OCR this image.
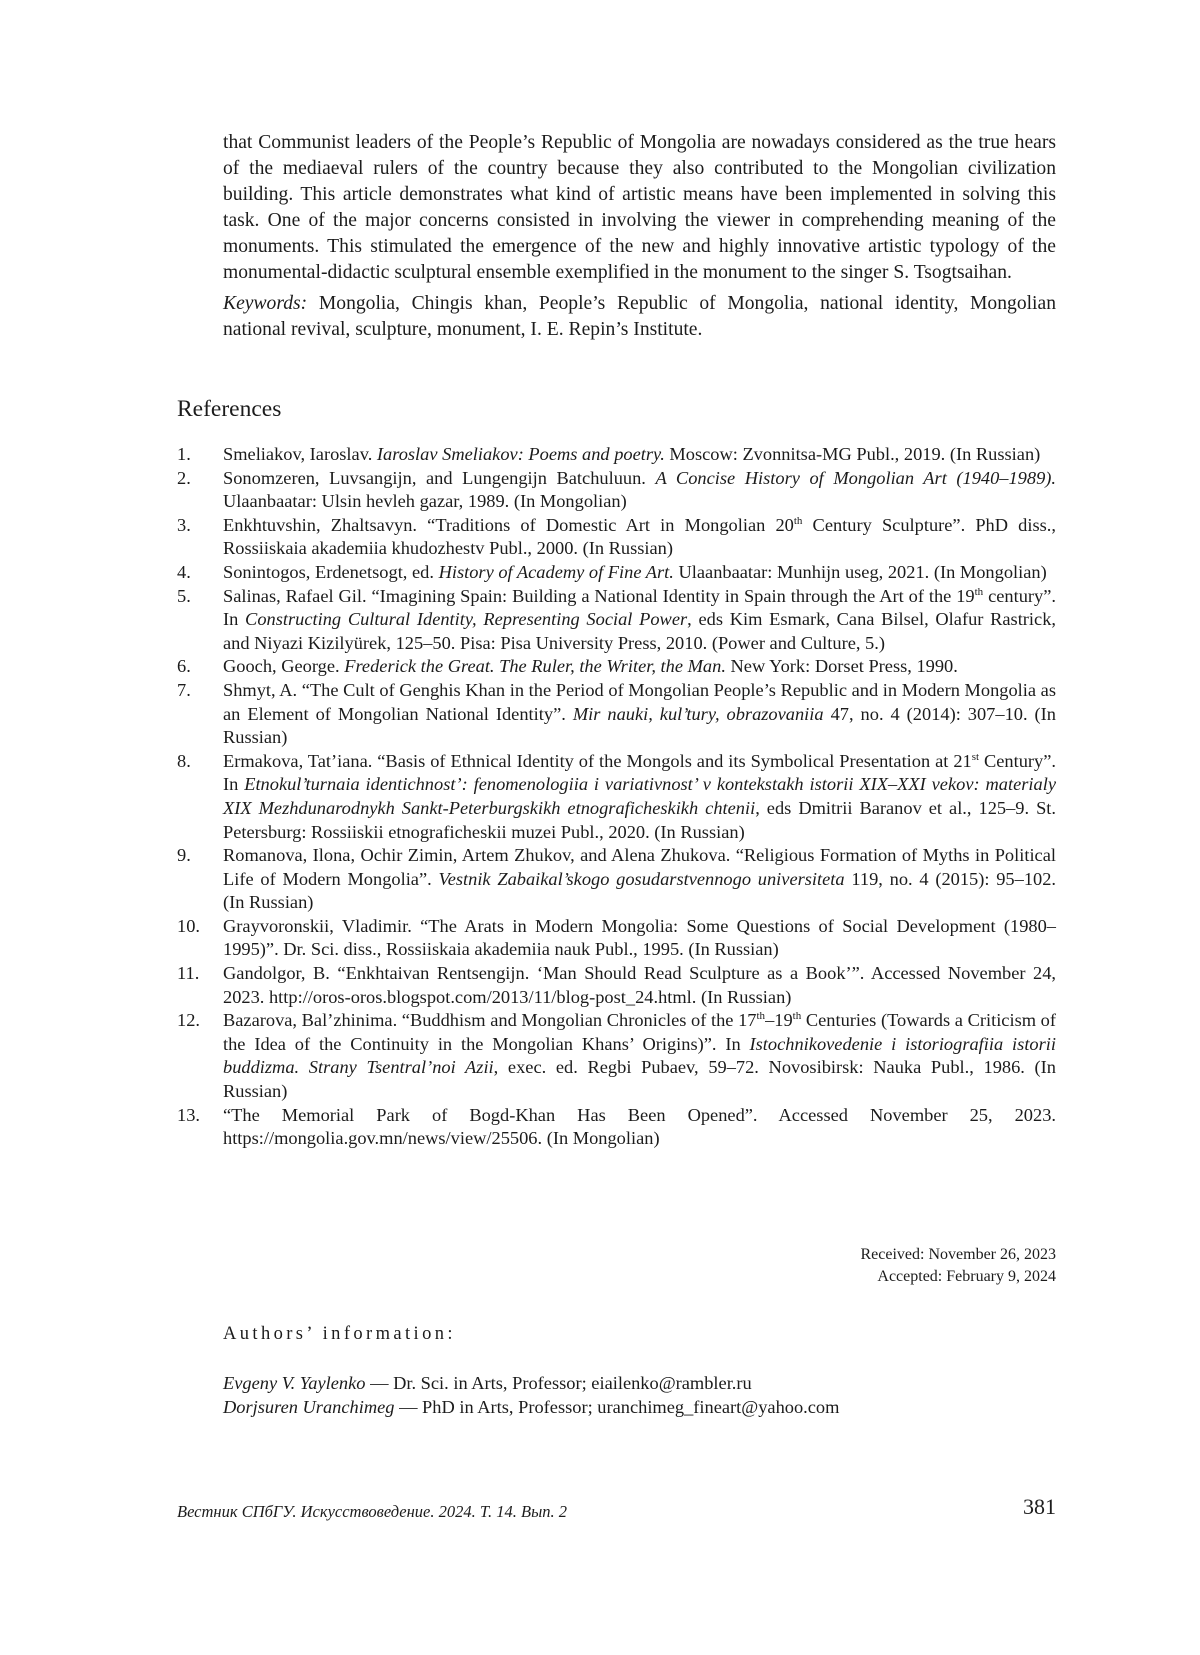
that Communist leaders of the People’s Republic of Mongolia are nowadays considered as the true hears of the mediaeval rulers of the country because they also contributed to the Mongolian civilization building. This article demonstrates what kind of artistic means have been implemented in solving this task. One of the major concerns consisted in involving the viewer in comprehending meaning of the monuments. This stimulated the emergence of the new and highly innovative artistic typology of the monumental-didactic sculptural ensemble exemplified in the monument to the singer S. Tsogtsaihan.

Keywords: Mongolia, Chingis khan, People’s Republic of Mongolia, national identity, Mongolian national revival, sculpture, monument, I. E. Repin’s Institute.

References
1.	Smeliakov, Iaroslav. Iaroslav Smeliakov: Poems and poetry. Moscow: Zvonnitsa-MG Publ., 2019. (In Russian)
2.	Sonomzeren, Luvsangijn, and Lungengijn Batchuluun. A Concise History of Mongolian Art (1940–1989). Ulaanbaatar: Ulsin hevleh gazar, 1989. (In Mongolian)
3.	Enkhtuvshin, Zhaltsavyn. “Traditions of Domestic Art in Mongolian 20th Century Sculpture”. PhD diss., Rossiiskaia akademiia khudozhestv Publ., 2000. (In Russian)
4.	Sonintogos, Erdenetsogt, ed. History of Academy of Fine Art. Ulaanbaatar: Munhijn useg, 2021. (In Mongolian)
5.	Salinas, Rafael Gil. “Imagining Spain: Building a National Identity in Spain through the Art of the 19th century”. In Constructing Cultural Identity, Representing Social Power, eds Kim Esmark, Cana Bilsel, Olafur Rastrick, and Niyazi Kizilyürek, 125–50. Pisa: Pisa University Press, 2010. (Power and Culture, 5.)
6.	Gooch, George. Frederick the Great. The Ruler, the Writer, the Man. New York: Dorset Press, 1990.
7.	Shmyt, A. “The Cult of Genghis Khan in the Period of Mongolian People’s Republic and in Modern Mongolia as an Element of Mongolian National Identity”. Mir nauki, kul’tury, obrazovaniia 47, no. 4 (2014): 307–10. (In Russian)
8.	Ermakova, Tat’iana. “Basis of Ethnical Identity of the Mongols and its Symbolical Presentation at 21st Century”. In Etnokul’turnaia identichnost’: fenomenologiia i variativnost’ v kontekstakh istorii XIX–XXI vekov: materialy XIX Mezhdunarodnykh Sankt-Peterburgskikh etnograficheskikh chtenii, eds Dmitrii Baranov et al., 125–9. St. Petersburg: Rossiiskii etnograficheskii muzei Publ., 2020. (In Russian)
9.	Romanova, Ilona, Ochir Zimin, Artem Zhukov, and Alena Zhukova. “Religious Formation of Myths in Political Life of Modern Mongolia”. Vestnik Zabaikal’skogo gosudarstvennogo universiteta 119, no. 4 (2015): 95–102. (In Russian)
10.	Grayvoronskii, Vladimir. “The Arats in Modern Mongolia: Some Questions of Social Development (1980–1995)”. Dr. Sci. diss., Rossiiskaia akademiia nauk Publ., 1995. (In Russian)
11.	Gandolgor, B. “Enkhtaivan Rentsengijn. ‘Man Should Read Sculpture as a Book’”. Accessed November 24, 2023. http://oros-oros.blogspot.com/2013/11/blog-post_24.html. (In Russian)
12.	Bazarova, Bal’zhinima. “Buddhism and Mongolian Chronicles of the 17th–19th Centuries (Towards a Criticism of the Idea of the Continuity in the Mongolian Khans’ Origins)”. In Istochnikovedenie i istoriografiia istorii buddizma. Strany Tsentral’noi Azii, exec. ed. Regbi Pubaev, 59–72. Novosibirsk: Nauka Publ., 1986. (In Russian)
13.	“The Memorial Park of Bogd-Khan Has Been Opened”. Accessed November 25, 2023. https://mongolia.gov.mn/news/view/25506. (In Mongolian)
Received: November 26, 2023
Accepted: February 9, 2024
Authors’ information:
Evgeny V. Yaylenko — Dr. Sci. in Arts, Professor; eiailenko@rambler.ru
Dorjsuren Uranchimeg — PhD in Arts, Professor; uranchimeg_fineart@yahoo.com
Вестник СПбГУ. Искусствоведение. 2024. Т. 14. Вып. 2	381
